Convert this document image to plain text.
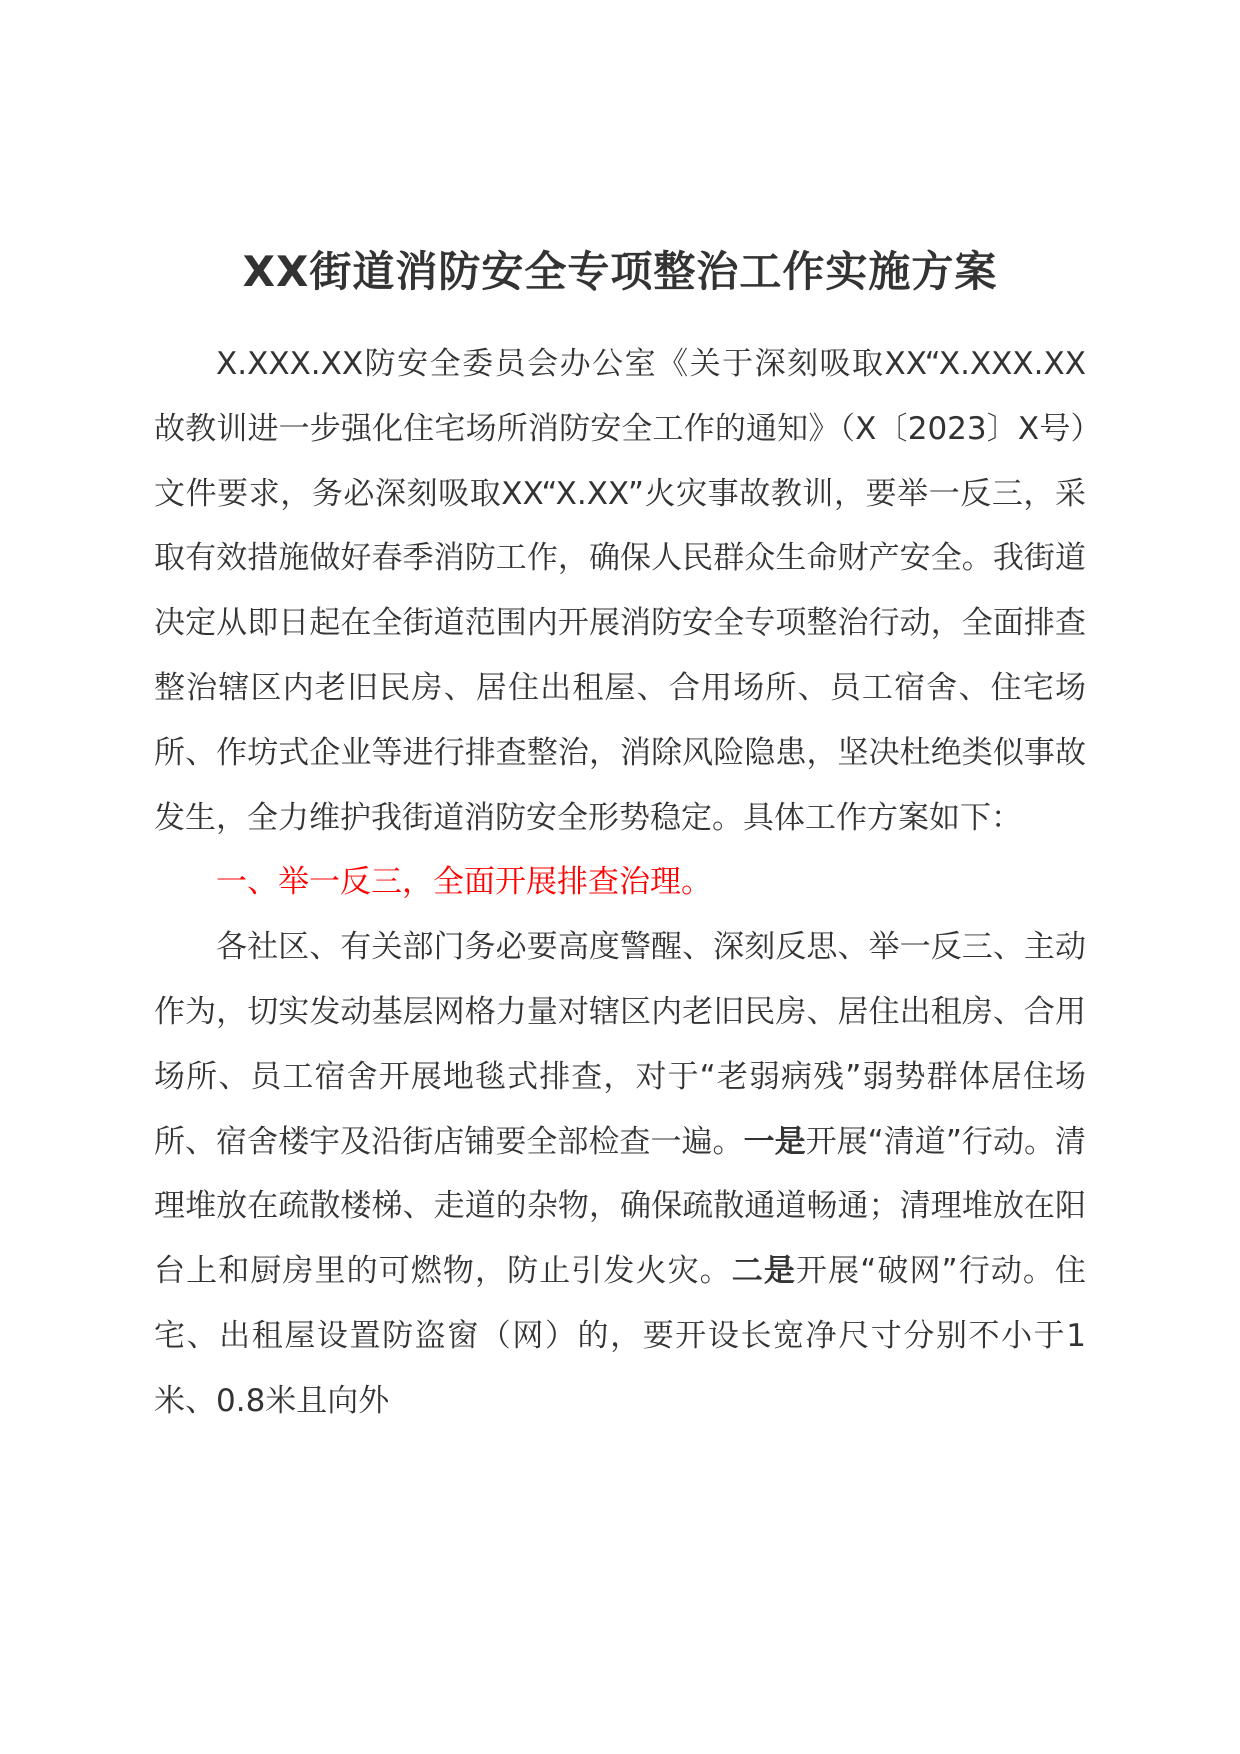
XX街道消防安全专项整治工作实施方案

X.XXX.XX防安全委员会办公室《关于深刻吸取XX“X.XXX.XX故教训进一步强化住宅场所消防安全工作的通知》（X〔2023〕X号）文件要求，务必深刻吸取XX“X.XX”火灾事故教训，要举一反三，采取有效措施做好春季消防工作，确保人民群众生命财产安全。我街道决定从即日起在全街道范围内开展消防安全专项整治行动，全面排查整治辖区内老旧民房、居住出租屋、合用场所、员工宿舍、住宅场所、作坊式企业等进行排查整治，消除风险隐患，坚决杜绝类似事故发生，全力维护我街道消防安全形势稳定。具体工作方案如下：

一、举一反三，全面开展排查治理。

各社区、有关部门务必要高度警醒、深刻反思、举一反三、主动作为，切实发动基层网格力量对辖区内老旧民房、居住出租房、合用场所、员工宿舍开展地毯式排查，对于“老弱病残”弱势群体居住场所、宿舍楼宇及沿街店铺要全部检查一遍。一是开展“清道”行动。清理堆放在疏散楼梯、走道的杂物，确保疏散通道畅通；清理堆放在阳台上和厨房里的可燃物，防止引发火灾。二是开展“破网”行动。住宅、出租屋设置防盗窗（网）的，要开设长宽净尺寸分别不小于1米、0.8米且向外
